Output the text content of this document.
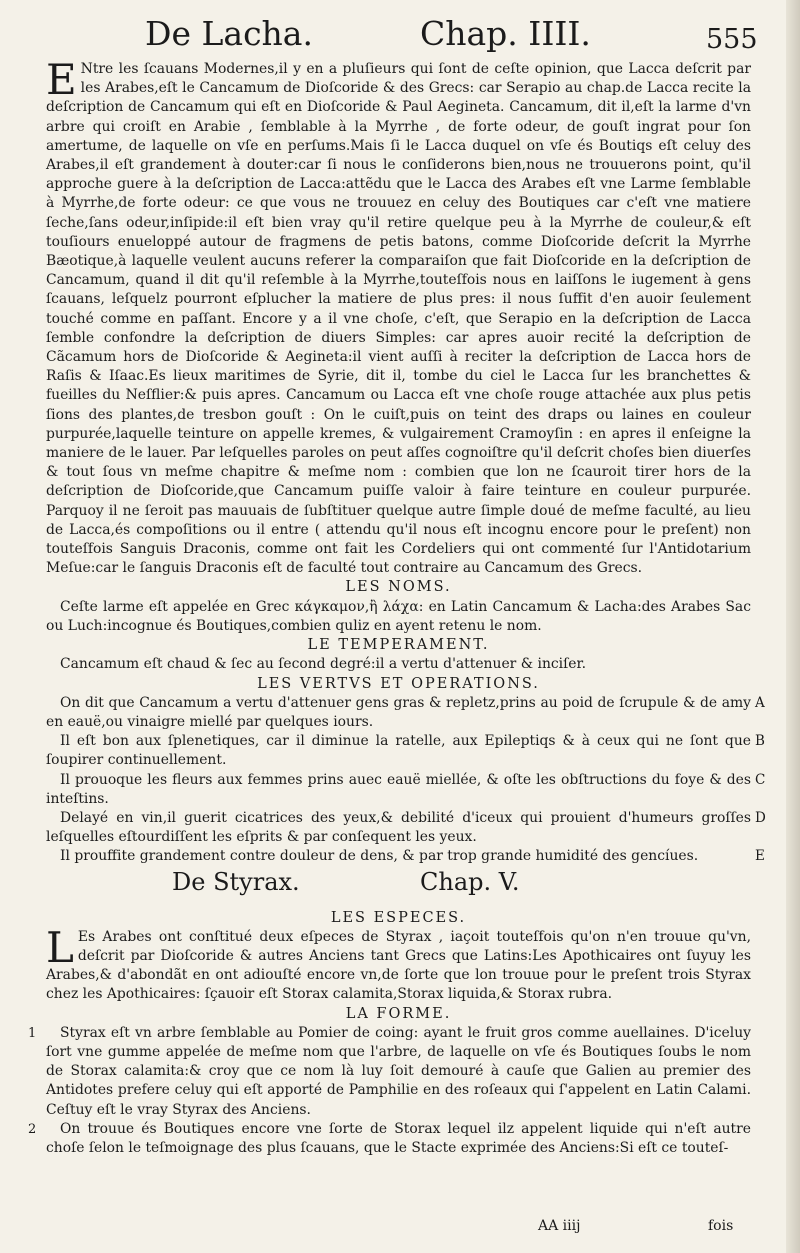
De Lacha.	Chap. IIII.	555

E Ntre les ſcauans Modernes,il y en a pluſieurs qui ſont de ceſte opinion, que Lacca deſcrit par les Arabes,eſt le Cancamum de Dioſcoride & des Grecs: car Serapio au chap.de Lacca recite la deſcription de Cancamum qui eſt en Dioſcoride & Paul Aegineta. Cancamum, dit il,eſt la larme d'vn arbre qui croiſt en Arabie , ſemblable à la Myrrhe , de forte odeur, de gouſt ingrat pour ſon amertume, de laquelle on vſe en perſums.Mais ſi le Lacca duquel on vſe és Boutiqs eſt celuy des Arabes,il eſt grandement à douter:car ſi nous le conſiderons bien,nous ne trouuerons point, qu'il approche guere à la deſcription de Lacca:attẽdu que le Lacca des Arabes eſt vne Larme ſemblable à Myrrhe,de forte odeur: ce que vous ne trouuez en celuy des Boutiques car c'eſt vne matiere ſeche,ſans odeur,inſipide:il eſt bien vray qu'il retire quelque peu à la Myrrhe de couleur,& eſt touſiours enueloppé autour de fragmens de petis batons, comme Dioſcoride deſcrit la Myrrhe Bæotique,à laquelle veulent aucuns referer la comparaiſon que fait Dioſcoride en la deſcription de Cancamum, quand il dit qu'il reſemble à la Myrrhe,touteſfois nous en laiſſons le iugement à gens ſcauans, leſquelz pourront eſplucher la matiere de plus pres: il nous ſuffit d'en auoir ſeulement touché comme en paſſant. Encore y a il vne choſe, c'eſt, que Serapio en la deſcription de Lacca ſemble confondre la deſcription de diuers Simples: car apres auoir recité la deſcription de Cãcamum hors de Dioſcoride & Aegineta:il vient auſſi à reciter la deſcription de Lacca hors de Raſis & Iſaac.Es lieux maritimes de Syrie, dit il, tombe du ciel le Lacca ſur les branchettes & fueilles du Neſflier:& puis apres. Cancamum ou Lacca eſt vne choſe rouge attachée aux plus petis ſions des plantes,de tresbon gouſt : On le cuiſt,puis on teint des draps ou laines en couleur purpurée,laquelle teinture on appelle kremes, & vulgairement Cramoyſin : en apres il enſeigne la maniere de le lauer. Par leſquelles paroles on peut aſſes cognoiſtre qu'il deſcrit choſes bien diuerſes & tout ſous vn meſme chapitre & meſme nom : combien que lon ne ſcauroit tirer hors de la deſcription de Dioſcoride,que Cancamum puiſſe valoir à faire teinture en couleur purpurée. Parquoy il ne ſeroit pas mauuais de ſubſtituer quelque autre ſimple doué de meſme faculté, au lieu de Lacca,és compoſitions ou il entre ( attendu qu'il nous eſt incognu encore pour le preſent) non touteſfois Sanguis Draconis, comme ont fait les Cordeliers qui ont commenté ſur l'Antidotarium Meſue:car le ſanguis Draconis eſt de faculté tout contraire au Cancamum des Grecs.

LES NOMS.

Ceſte larme eſt appelée en Grec κάγκαμον,ἢ λάχα: en Latin Cancamum & Lacha:des Arabes Sac ou Luch:incognue és Boutiques,combien quliz en ayent retenu le nom.

LE TEMPERAMENT.

Cancamum eſt chaud & ſec au ſecond degré:il a vertu d'attenuer & inciſer.

LES VERTVS ET OPERATIONS.

On dit que Cancamum a vertu d'attenuer gens gras & repletz,prins au poid de ſcrupule & de amy en eauë,ou vinaigre miellé par quelques iours.

A

Il eſt bon aux ſplenetiques, car il diminue la ratelle, aux Epileptiqs & à ceux qui ne ſont que ſoupirer continuellement.

B

Il prouoque les fleurs aux femmes prins auec eauë miellée, & oſte les obſtructions du foye & des inteſtins.

C

Delayé en vin,il guerit cicatrices des yeux,& debilité d'iceux qui prouient d'humeurs groſſes leſquelles eſtourdiſſent les eſprits & par conſequent les yeux.

D

Il prouffite grandement contre douleur de dens, & par trop grande humidité des gencíues.	E
De Styrax.	Chap. V.

LES ESPECES.

L Es Arabes ont conſtitué deux eſpeces de Styrax , iaçoit touteſfois qu'on n'en trouue qu'vn, deſcrit par Dioſcoride & autres Anciens tant Grecs que Latins:Les Apothicaires ont ſuyuy les Arabes,& d'abondãt en ont adiouſté encore vn,de ſorte que lon trouue pour le preſent trois Styrax chez les Apothicaires: ſçauoir eſt Storax calamita,Storax liquida,& Storax rubra.

LA FORME.

1	Styrax eſt vn arbre ſemblable au Pomier de coing: ayant le fruit gros comme auellaines. D'iceluy ſort vne gumme appelée de meſme nom que l'arbre, de laquelle on vſe és Boutiques ſoubs le nom de Storax calamita:& croy que ce nom là luy ſoit demouré à cauſe que Galien au premier des Antidotes prefere celuy qui eſt apporté de Pamphilie en des roſeaux qui ſ'appelent en Latin Calami. Ceſtuy eſt le vray Styrax des Anciens.

2	On trouue és Boutiques encore vne ſorte de Storax lequel ilz appelent liquide qui n'eſt autre choſe ſelon le teſmoignage des plus ſcauans, que le Stacte exprimée des Anciens:Si eſt ce touteſ-

AA iiij	fois
